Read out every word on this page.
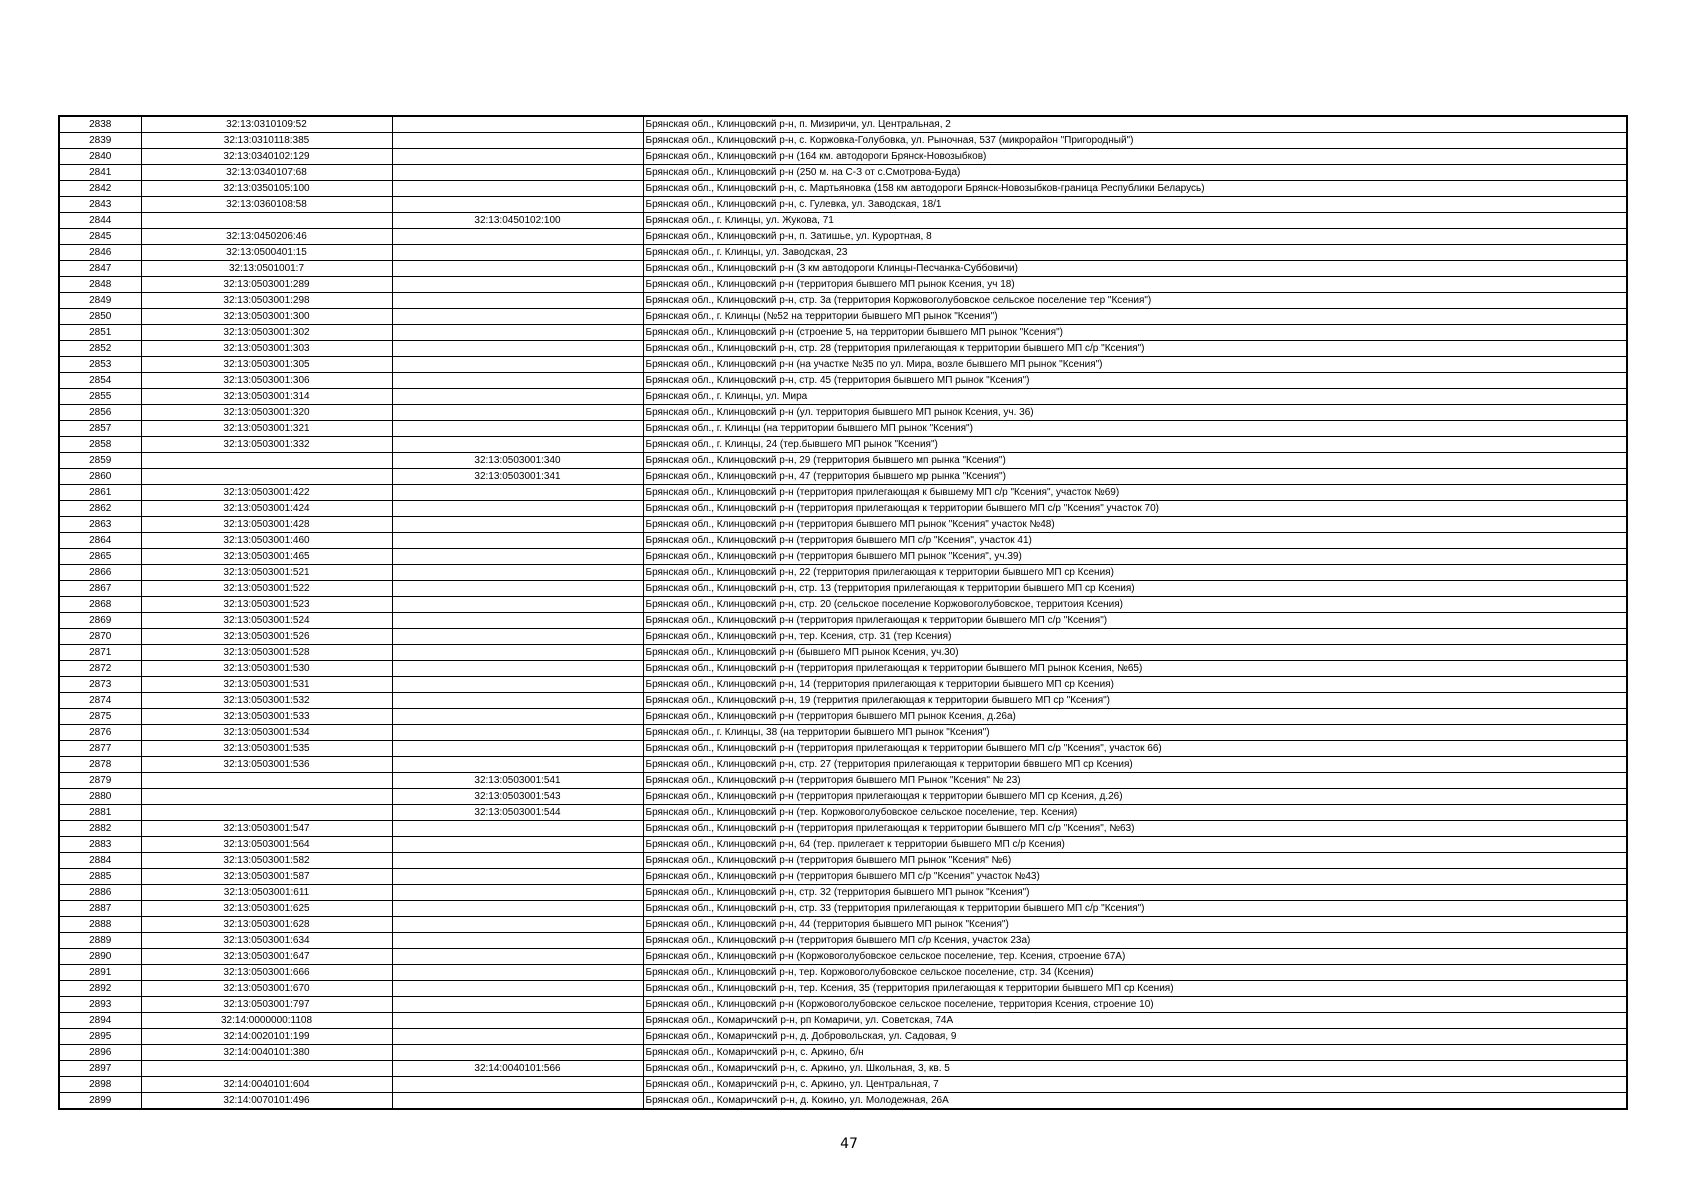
2838	32:13:0310109:52		Брянская обл., Клинцовский р-н, п. Мизиричи, ул. Центральная, 2
2839	32:13:0310118:385		Брянская обл., Клинцовский р-н, с. Коржовка-Голубовка, ул. Рыночная, 537 (микрорайон "Пригородный")
2840	32:13:0340102:129		Брянская обл., Клинцовский р-н (164 км. автодороги Брянск-Новозыбков)
2841	32:13:0340107:68		Брянская обл., Клинцовский р-н (250 м. на С-З от с.Смотрова-Буда)
2842	32:13:0350105:100		Брянская обл., Клинцовский р-н, с. Мартьяновка (158 км автодороги Брянск-Новозыбков-граница Республики Беларусь)
2843	32:13:0360108:58		Брянская обл., Клинцовский р-н, с. Гулевка, ул. Заводская, 18/1
2844		32:13:0450102:100	Брянская обл., г. Клинцы, ул. Жукова, 71
2845	32:13:0450206:46		Брянская обл., Клинцовский р-н, п. Затишье, ул. Курортная, 8
2846	32:13:0500401:15		Брянская обл., г. Клинцы, ул. Заводская, 23
2847	32:13:0501001:7		Брянская обл., Клинцовский р-н (3 км автодороги Клинцы-Песчанка-Суббовичи)
2848	32:13:0503001:289		Брянская обл., Клинцовский р-н (территория бывшего МП рынок Ксения, уч 18)
2849	32:13:0503001:298		Брянская обл., Клинцовский р-н, стр. 3а (территория Коржовоголубовское сельское поселение тер "Ксения")
2850	32:13:0503001:300		Брянская обл., г. Клинцы (№52 на территории бывшего МП рынок "Ксения")
2851	32:13:0503001:302		Брянская обл., Клинцовский р-н (строение 5, на территории бывшего МП рынок "Ксения")
2852	32:13:0503001:303		Брянская обл., Клинцовский р-н, стр. 28 (территория прилегающая к территории бывшего МП с/р "Ксения")
2853	32:13:0503001:305		Брянская обл., Клинцовский р-н (на участке №35 по ул. Мира, возле бывшего МП рынок "Ксения")
2854	32:13:0503001:306		Брянская обл., Клинцовский р-н, стр. 45 (территория бывшего МП рынок "Ксения")
2855	32:13:0503001:314		Брянская обл., г. Клинцы, ул. Мира
2856	32:13:0503001:320		Брянская обл., Клинцовский р-н (ул. территория бывшего МП рынок Ксения, уч. 36)
2857	32:13:0503001:321		Брянская обл., г. Клинцы (на территории бывшего МП рынок "Ксения")
2858	32:13:0503001:332		Брянская обл., г. Клинцы, 24 (тер.бывшего МП рынок "Ксения")
2859		32:13:0503001:340	Брянская обл., Клинцовский р-н, 29 (территория бывшего мп рынка "Ксения")
2860		32:13:0503001:341	Брянская обл., Клинцовский р-н, 47 (территория бывшего мр рынка "Ксения")
2861	32:13:0503001:422		Брянская обл., Клинцовский р-н (территория прилегающая к бывшему МП с/р "Ксения", участок №69)
2862	32:13:0503001:424		Брянская обл., Клинцовский р-н (территория прилегающая к территории бывшего МП с/р "Ксения" участок 70)
2863	32:13:0503001:428		Брянская обл., Клинцовский р-н (территория бывшего МП рынок "Ксения" участок №48)
2864	32:13:0503001:460		Брянская обл., Клинцовский р-н (территория бывшего МП с/р "Ксения", участок 41)
2865	32:13:0503001:465		Брянская обл., Клинцовский р-н (территория бывшего МП рынок "Ксения", уч.39)
2866	32:13:0503001:521		Брянская обл., Клинцовский р-н, 22 (территория прилегающая к территории бывшего МП ср Ксения)
2867	32:13:0503001:522		Брянская обл., Клинцовский р-н, стр. 13 (территория прилегающая к территории бывшего МП ср Ксения)
2868	32:13:0503001:523		Брянская обл., Клинцовский р-н, стр. 20 (сельское поселение Коржовоголубовское, территоия Ксения)
2869	32:13:0503001:524		Брянская обл., Клинцовский р-н (территория прилегающая к территории бывшего МП с/р "Ксения")
2870	32:13:0503001:526		Брянская обл., Клинцовский р-н, тер. Ксения, стр. 31 (тер Ксения)
2871	32:13:0503001:528		Брянская обл., Клинцовский р-н (бывшего МП рынок Ксения, уч.30)
2872	32:13:0503001:530		Брянская обл., Клинцовский р-н (территория прилегающая к территории бывшего МП рынок Ксения, №65)
2873	32:13:0503001:531		Брянская обл., Клинцовский р-н, 14 (территория прилегающая к территории бывшего МП ср Ксения)
2874	32:13:0503001:532		Брянская обл., Клинцовский р-н, 19 (террития прилегающая к территории бывшего МП ср "Ксения")
2875	32:13:0503001:533		Брянская обл., Клинцовский р-н (территория бывшего МП рынок Ксения, д.26а)
2876	32:13:0503001:534		Брянская обл., г. Клинцы, 38 (на территории бывшего МП рынок "Ксения")
2877	32:13:0503001:535		Брянская обл., Клинцовский р-н (территория прилегающая к территории бывшего МП с/р "Ксения", участок 66)
2878	32:13:0503001:536		Брянская обл., Клинцовский р-н, стр. 27 (территория прилегающая к территории бввшего МП ср Ксения)
2879		32:13:0503001:541	Брянская обл., Клинцовский р-н (территория бывшего МП Рынок "Ксения" № 23)
2880		32:13:0503001:543	Брянская обл., Клинцовский р-н (территория прилегающая к территории бывшего МП ср Ксения, д.26)
2881		32:13:0503001:544	Брянская обл., Клинцовский р-н (тер. Коржовоголубовское сельское поселение, тер. Ксения)
2882	32:13:0503001:547		Брянская обл., Клинцовский р-н (территория прилегающая к территории бывшего МП с/р "Ксения", №63)
2883	32:13:0503001:564		Брянская обл., Клинцовский р-н, 64 (тер. прилегает к территории бывшего МП с/р Ксения)
2884	32:13:0503001:582		Брянская обл., Клинцовский р-н (территория бывшего МП рынок "Ксения" №6)
2885	32:13:0503001:587		Брянская обл., Клинцовский р-н (территория бывшего МП с/р "Ксения" участок №43)
2886	32:13:0503001:611		Брянская обл., Клинцовский р-н, стр. 32 (территория бывшего МП рынок "Ксения")
2887	32:13:0503001:625		Брянская обл., Клинцовский р-н, стр. 33 (территория прилегающая к территории бывшего МП с/р "Ксения")
2888	32:13:0503001:628		Брянская обл., Клинцовский р-н, 44 (территория бывшего МП рынок "Ксения")
2889	32:13:0503001:634		Брянская обл., Клинцовский р-н (территория бывшего МП с/р Ксения, участок 23а)
2890	32:13:0503001:647		Брянская обл., Клинцовский р-н (Коржовоголубовское сельское поселение, тер. Ксения, строение 67А)
2891	32:13:0503001:666		Брянская обл., Клинцовский р-н, тер. Коржовоголубовское сельское поселение, стр. 34 (Ксения)
2892	32:13:0503001:670		Брянская обл., Клинцовский р-н, тер. Ксения, 35 (территория прилегающая к территории бывшего МП ср Ксения)
2893	32:13:0503001:797		Брянская обл., Клинцовский р-н (Коржовоголубовское сельское поселение, территория Ксения, строение 10)
2894	32:14:0000000:1108		Брянская обл., Комаричский р-н, рп Комаричи, ул. Советская, 74А
2895	32:14:0020101:199		Брянская обл., Комаричский р-н, д. Добровольская, ул. Садовая, 9
2896	32:14:0040101:380		Брянская обл., Комаричский р-н, с. Аркино, б/н
2897		32:14:0040101:566	Брянская обл., Комаричский р-н, с. Аркино, ул. Школьная, 3, кв. 5
2898	32:14:0040101:604		Брянская обл., Комаричский р-н, с. Аркино, ул. Центральная, 7
2899	32:14:0070101:496		Брянская обл., Комаричский р-н, д. Кокино, ул. Молодежная, 26А
47
